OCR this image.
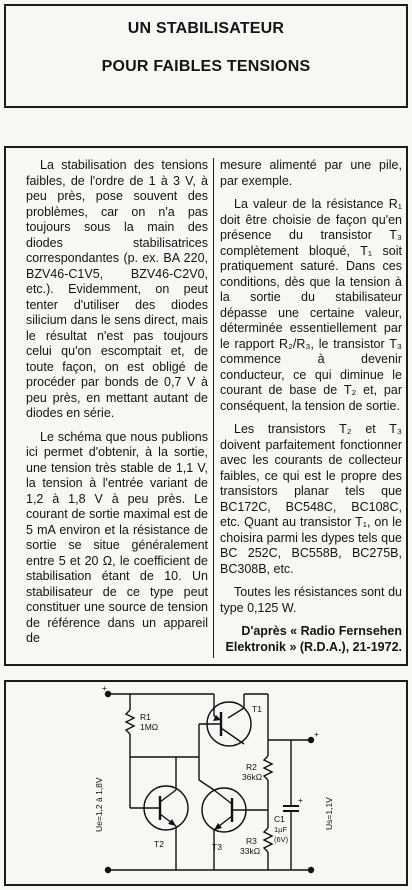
UN STABILISATEUR
POUR FAIBLES TENSIONS

La stabilisation des tensions faibles, de l'ordre de 1 à 3 V, à peu près, pose souvent des problèmes, car on n'a pas toujours sous la main des diodes stabilisatrices correspondantes (p. ex. BA 220, BZV46-C1V5, BZV46-C2V0, etc.). Evidemment, on peut tenter d'utiliser des diodes silicium dans le sens direct, mais le résultat n'est pas toujours celui qu'on escomptait et, de toute façon, on est obligé de procéder par bonds de 0,7 V à peu près, en mettant autant de diodes en série.

Le schéma que nous publions ici permet d'obtenir, à la sortie, une tension très stable de 1,1 V, la tension à l'entrée variant de 1,2 à 1,8 V à peu près. Le courant de sortie maximal est de 5 mA environ et la résistance de sortie se situe généralement entre 5 et 20 Ω, le coefficient de stabilisation étant de 10. Un stabilisateur de ce type peut constituer une source de tension de référence dans un appareil de

mesure alimenté par une pile, par exemple.

La valeur de la résistance R₁ doit être choisie de façon qu'en présence du transistor T₃ complètement bloqué, T₁ soit pratiquement saturé. Dans ces conditions, dès que la tension à la sortie du stabilisateur dépasse une certaine valeur, déterminée essentiellement par le rapport R₂/R₃, le transistor T₃ commence à devenir conducteur, ce qui diminue le courant de base de T₂ et, par conséquent, la tension de sortie.

Les transistors T₂ et T₃ doivent parfaitement fonctionner avec les courants de collecteur faibles, ce qui est le propre des transistors planar tels que BC172C, BC548C, BC108C, etc. Quant au transistor T₁, on le choisira parmi les dypes tels que BC 252C, BC558B, BC275B, BC308B, etc.

Toutes les résistances sont du type 0,125 W.

D'après « Radio Fernsehen Elektronik » (R.D.A.), 21-1972.

R1
1MΩ
T1
R2
36kΩ
C1
1µF
(6V)
R3
33kΩ
T2	T3
Ue=1,2 à 1,8V	Us=1,1V
+
+
+
